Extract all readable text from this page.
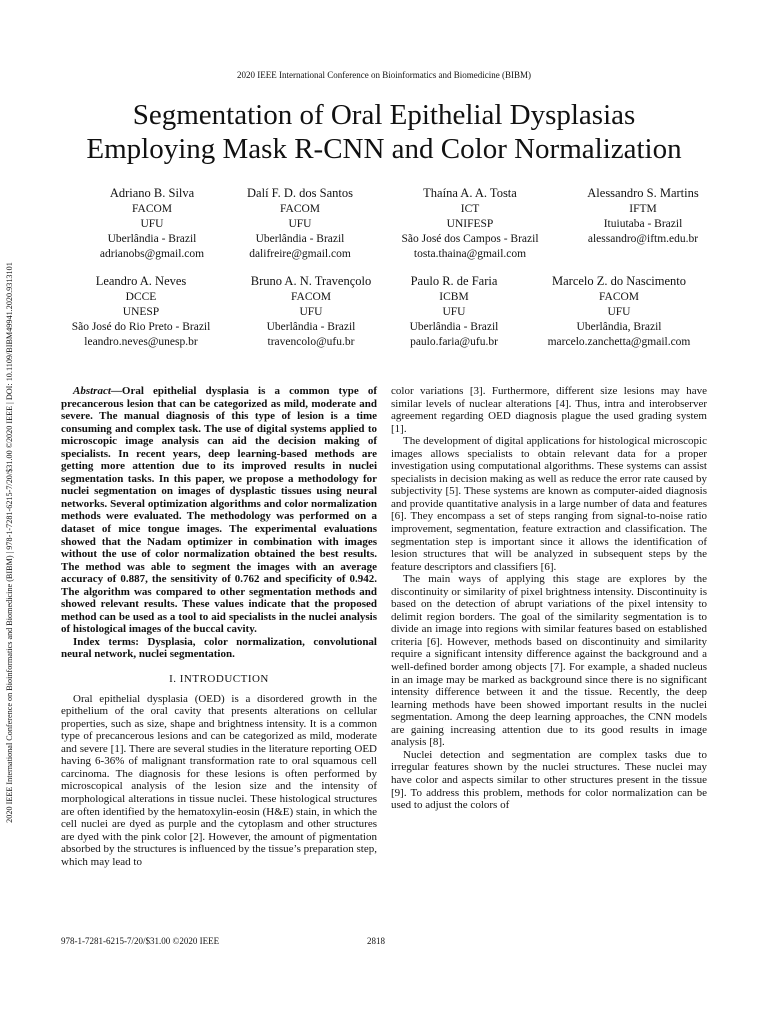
2020 IEEE International Conference on Bioinformatics and Biomedicine (BIBM) | 978-1-7281-6215-7/20/$31.00 ©2020 IEEE | DOI: 10.1109/BIBM49941.2020.9313101
2020 IEEE International Conference on Bioinformatics and Biomedicine (BIBM)
Segmentation of Oral Epithelial Dysplasias
Employing Mask R-CNN and Color Normalization
Adriano B. Silva
FACOM
UFU
Uberlândia - Brazil
adrianobs@gmail.com
Dalí F. D. dos Santos
FACOM
UFU
Uberlândia - Brazil
dalifreire@gmail.com
Thaína A. A. Tosta
ICT
UNIFESP
São José dos Campos - Brazil
tosta.thaina@gmail.com
Alessandro S. Martins
IFTM
Ituiutaba - Brazil
alessandro@iftm.edu.br
Leandro A. Neves
DCCE
UNESP
São José do Rio Preto - Brazil
leandro.neves@unesp.br
Bruno A. N. Travençolo
FACOM
UFU
Uberlândia - Brazil
travencolo@ufu.br
Paulo R. de Faria
ICBM
UFU
Uberlândia - Brazil
paulo.faria@ufu.br
Marcelo Z. do Nascimento
FACOM
UFU
Uberlândia, Brazil
marcelo.zanchetta@gmail.com

Abstract—Oral epithelial dysplasia is a common type of precancerous lesion that can be categorized as mild, moderate and severe. The manual diagnosis of this type of lesion is a time consuming and complex task. The use of digital systems applied to microscopic image analysis can aid the decision making of specialists. In recent years, deep learning-based methods are getting more attention due to its improved results in nuclei segmentation tasks. In this paper, we propose a methodology for nuclei segmentation on images of dysplastic tissues using neural networks. Several optimization algorithms and color normalization methods were evaluated. The methodology was performed on a dataset of mice tongue images. The experimental evaluations showed that the Nadam optimizer in combination with images without the use of color normalization obtained the best results. The method was able to segment the images with an average accuracy of 0.887, the sensitivity of 0.762 and specificity of 0.942. The algorithm was compared to other segmentation methods and showed relevant results. These values indicate that the proposed method can be used as a tool to aid specialists in the nuclei analysis of histological images of the buccal cavity.

Index terms: Dysplasia, color normalization, convolutional neural network, nuclei segmentation.

I. INTRODUCTION

Oral epithelial dysplasia (OED) is a disordered growth in the epithelium of the oral cavity that presents alterations on cellular properties, such as size, shape and brightness intensity. It is a common type of precancerous lesions and can be categorized as mild, moderate and severe [1]. There are several studies in the literature reporting OED having 6-36% of malignant transformation rate to oral squamous cell carcinoma. The diagnosis for these lesions is often performed by microscopical analysis of the lesion size and the intensity of morphological alterations in tissue nuclei. These histological structures are often identified by the hematoxylin-eosin (H&E) stain, in which the cell nuclei are dyed as purple and the cytoplasm and other structures are dyed with the pink color [2]. However, the amount of pigmentation absorbed by the structures is influenced by the tissue’s preparation step, which may lead to

color variations [3]. Furthermore, different size lesions may have similar levels of nuclear alterations [4]. Thus, intra and interobserver agreement regarding OED diagnosis plague the used grading system [1].

The development of digital applications for histological microscopic images allows specialists to obtain relevant data for a proper investigation using computational algorithms. These systems can assist specialists in decision making as well as reduce the error rate caused by subjectivity [5]. These systems are known as computer-aided diagnosis and provide quantitative analysis in a large number of data and features [6]. They encompass a set of steps ranging from signal-to-noise ratio improvement, segmentation, feature extraction and classification. The segmentation step is important since it allows the identification of lesion structures that will be analyzed in subsequent steps by the feature descriptors and classifiers [6].

The main ways of applying this stage are explores by the discontinuity or similarity of pixel brightness intensity. Discontinuity is based on the detection of abrupt variations of the pixel intensity to delimit region borders. The goal of the similarity segmentation is to divide an image into regions with similar features based on established criteria [6]. However, methods based on discontinuity and similarity require a significant intensity difference against the background and a well-defined border among objects [7]. For example, a shaded nucleus in an image may be marked as background since there is no significant intensity difference between it and the tissue. Recently, the deep learning methods have been showed important results in the nuclei segmentation. Among the deep learning approaches, the CNN models are gaining increasing attention due to its good results in image analysis [8].

Nuclei detection and segmentation are complex tasks due to irregular features shown by the nuclei structures. These nuclei may have color and aspects similar to other structures present in the tissue [9]. To address this problem, methods for color normalization can be used to adjust the colors of

978-1-7281-6215-7/20/$31.00 ©2020 IEEE	2818
